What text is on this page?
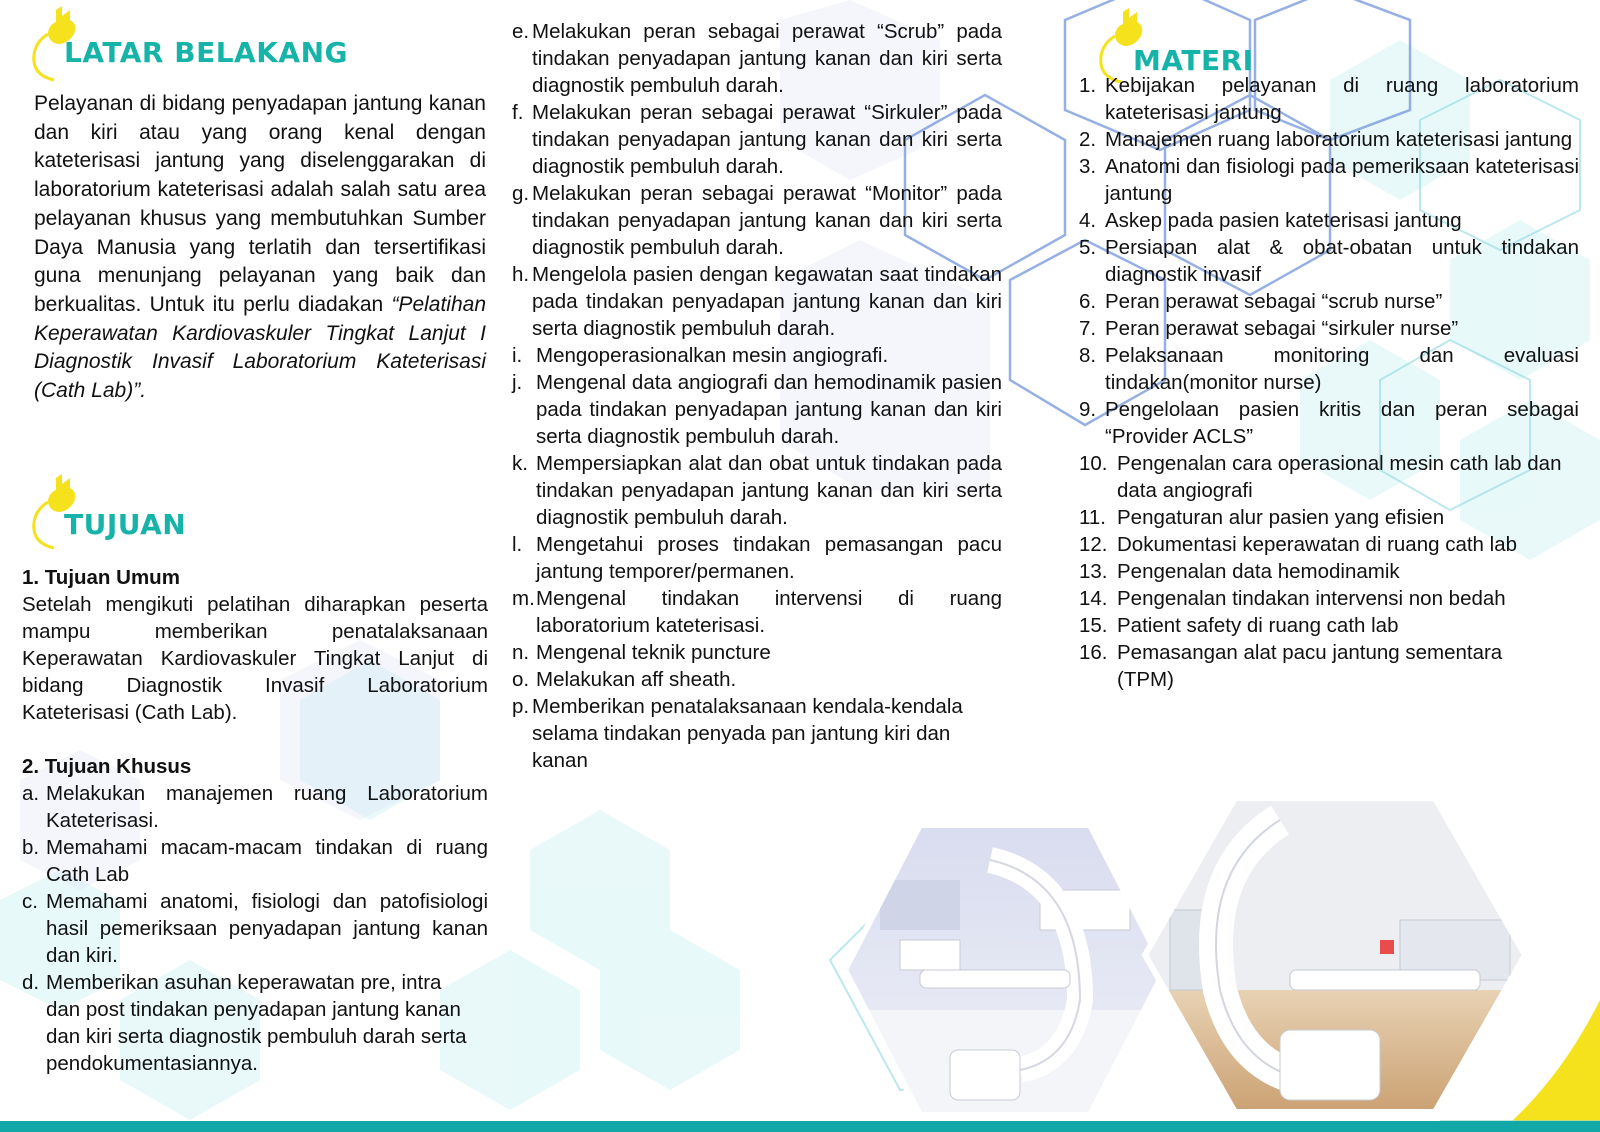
LATAR BELAKANG
TUJUAN
MATERI
Pelayanan di bidang penyadapan jantung kanan dan kiri atau yang orang kenal dengan kateterisasi jantung yang diselenggarakan di laboratorium kateterisasi adalah salah satu area pelayanan khusus yang membutuhkan Sumber Daya Manusia yang terlatih dan tersertifikasi guna menunjang pelayanan yang baik dan berkualitas. Untuk itu perlu diadakan “Pelatihan Keperawatan Kardiovaskuler Tingkat Lanjut I Diagnostik Invasif Laboratorium Kateterisasi (Cath Lab)”.
1. Tujuan Umum
Setelah mengikuti pelatihan diharapkan peserta mampu memberikan penatalaksanaan Keperawatan Kardiovaskuler Tingkat Lanjut di bidang Diagnostik Invasif Laboratorium Kateterisasi (Cath Lab).
2. Tujuan Khusus
a. Melakukan manajemen ruang Laboratorium Kateterisasi.
b. Memahami macam-macam tindakan di ruang Cath Lab
c. Memahami anatomi, fisiologi dan patofisiologi hasil pemeriksaan penyadapan jantung kanan dan kiri.
d. Memberikan asuhan keperawatan pre, intra dan post tindakan penyadapan jantung kanan dan kiri serta diagnostik pembuluh darah serta pendokumentasiannya.
e. Melakukan peran sebagai perawat “Scrub” pada tindakan penyadapan jantung kanan dan kiri serta diagnostik pembuluh darah.
f. Melakukan peran sebagai perawat “Sirkuler” pada tindakan penyadapan jantung kanan dan kiri serta diagnostik pembuluh darah.
g. Melakukan peran sebagai perawat “Monitor” pada tindakan penyadapan jantung kanan dan kiri serta diagnostik pembuluh darah.
h. Mengelola pasien dengan kegawatan saat tindakan pada tindakan penyadapan jantung kanan dan kiri serta diagnostik pembuluh darah.
i. Mengoperasionalkan mesin angiografi.
j. Mengenal data angiografi dan hemodinamik pasien pada tindakan penyadapan jantung kanan dan kiri serta diagnostik pembuluh darah.
k. Mempersiapkan alat dan obat untuk tindakan pada tindakan penyadapan jantung kanan dan kiri serta diagnostik pembuluh darah.
l. Mengetahui proses tindakan pemasangan pacu jantung temporer/permanen.
m. Mengenal tindakan intervensi di ruang laboratorium kateterisasi.
n. Mengenal teknik puncture
o. Melakukan aff sheath.
p. Memberikan penatalaksanaan kendala-kendala selama tindakan penyada pan jantung kiri dan kanan
1. Kebijakan pelayanan di ruang laboratorium kateterisasi jantung
2. Manajemen ruang laboratorium kateterisasi jantung
3. Anatomi dan fisiologi pada pemeriksaan kateterisasi jantung
4. Askep pada pasien kateterisasi jantung
5. Persiapan alat & obat-obatan untuk tindakan diagnostik invasif
6. Peran perawat sebagai “scrub nurse”
7. Peran perawat sebagai “sirkuler nurse”
8. Pelaksanaan monitoring dan evaluasi tindakan(monitor nurse)
9. Pengelolaan pasien kritis dan peran sebagai “Provider ACLS”
10. Pengenalan cara operasional mesin cath lab dan data angiografi
11. Pengaturan alur pasien yang efisien
12. Dokumentasi keperawatan di ruang cath lab
13. Pengenalan data hemodinamik
14. Pengenalan tindakan intervensi non bedah
15. Patient safety di ruang cath lab
16. Pemasangan alat pacu jantung sementara (TPM)
